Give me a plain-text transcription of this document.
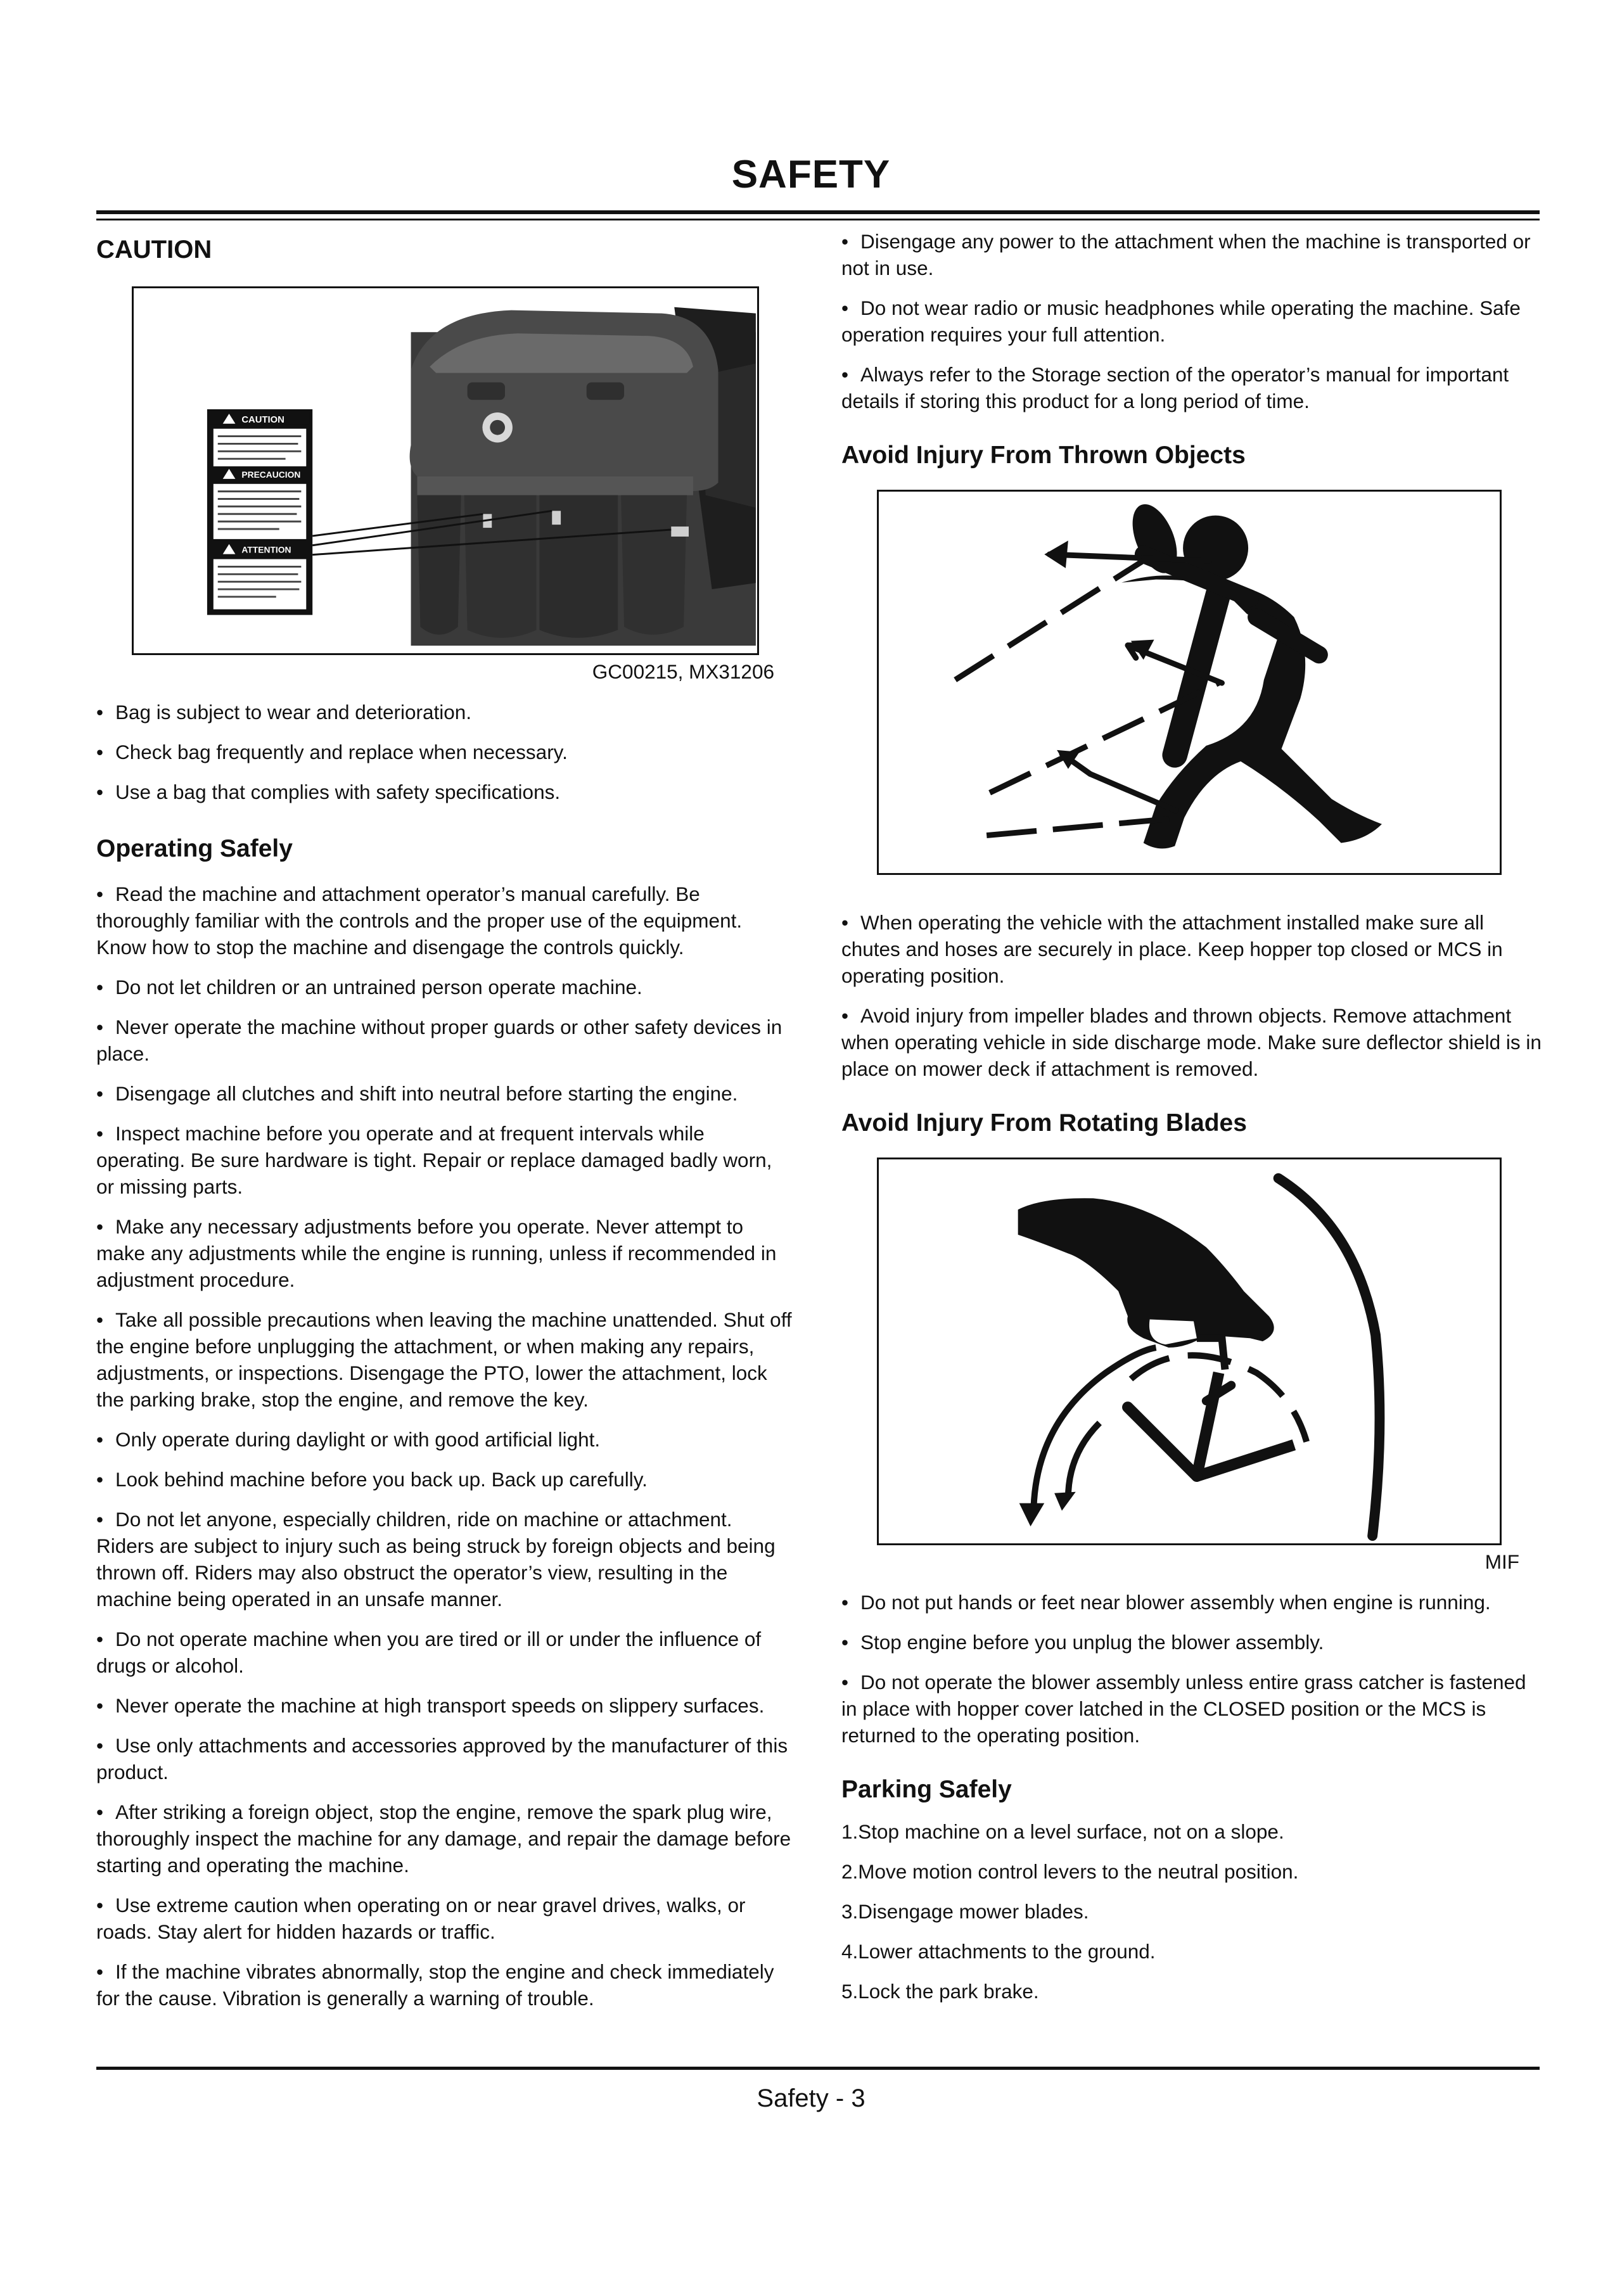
SAFETY
CAUTION
CAUTION
PRECAUCION
ATTENTION
GC00215, MX31206

• Bag is subject to wear and deterioration.

• Check bag frequently and replace when necessary.

• Use a bag that complies with safety specifications.

Operating Safely

• Read the machine and attachment operator’s manual carefully. Be thoroughly familiar with the controls and the proper use of the equipment. Know how to stop the machine and disengage the controls quickly.

• Do not let children or an untrained person operate machine.

• Never operate the machine without proper guards or other safety devices in place.

• Disengage all clutches and shift into neutral before starting the engine.

• Inspect machine before you operate and at frequent intervals while operating. Be sure hardware is tight. Repair or replace damaged badly worn, or missing parts.

• Make any necessary adjustments before you operate. Never attempt to make any adjustments while the engine is running, unless if recommended in adjustment procedure.

• Take all possible precautions when leaving the machine unattended. Shut off the engine before unplugging the attachment, or when making any repairs, adjustments, or inspections. Disengage the PTO, lower the attachment, lock the parking brake, stop the engine, and remove the key.

• Only operate during daylight or with good artificial light.

• Look behind machine before you back up. Back up carefully.

• Do not let anyone, especially children, ride on machine or attachment. Riders are subject to injury such as being struck by foreign objects and being thrown off. Riders may also obstruct the operator’s view, resulting in the machine being operated in an unsafe manner.

• Do not operate machine when you are tired or ill or under the influence of drugs or alcohol.

• Never operate the machine at high transport speeds on slippery surfaces.

• Use only attachments and accessories approved by the manufacturer of this product.

• After striking a foreign object, stop the engine, remove the spark plug wire, thoroughly inspect the machine for any damage, and repair the damage before starting and operating the machine.

• Use extreme caution when operating on or near gravel drives, walks, or roads. Stay alert for hidden hazards or traffic.

• If the machine vibrates abnormally, stop the engine and check immediately for the cause. Vibration is generally a warning of trouble.

• Disengage any power to the attachment when the machine is transported or not in use.

• Do not wear radio or music headphones while operating the machine. Safe operation requires your full attention.

• Always refer to the Storage section of the operator’s manual for important details if storing this product for a long period of time.

Avoid Injury From Thrown Objects

• When operating the vehicle with the attachment installed make sure all chutes and hoses are securely in place. Keep hopper top closed or MCS in operating position.

• Avoid injury from impeller blades and thrown objects. Remove attachment when operating vehicle in side discharge mode. Make sure deflector shield is in place on mower deck if attachment is removed.

Avoid Injury From Rotating Blades
MIF

• Do not put hands or feet near blower assembly when engine is running.

• Stop engine before you unplug the blower assembly.

• Do not operate the blower assembly unless entire grass catcher is fastened in place with hopper cover latched in the CLOSED position or the MCS is returned to the operating position.

Parking Safely

1.Stop machine on a level surface, not on a slope.

2.Move motion control levers to the neutral position.

3.Disengage mower blades.

4.Lower attachments to the ground.

5.Lock the park brake.

Safety - 3
